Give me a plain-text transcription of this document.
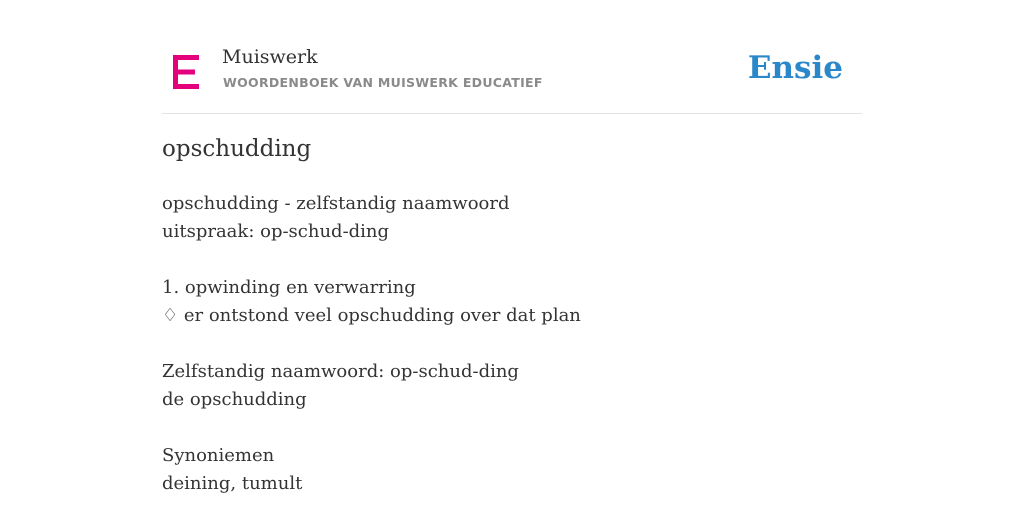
Muiswerk
WOORDENBOEK VAN MUISWERK EDUCATIEF	Ensie
opschudding
opschudding - zelfstandig naamwoord
uitspraak: op-schud-ding
1. opwinding en verwarring
♢ er ontstond veel opschudding over dat plan
Zelfstandig naamwoord: op-schud-ding
de opschudding
Synoniemen
deining, tumult
